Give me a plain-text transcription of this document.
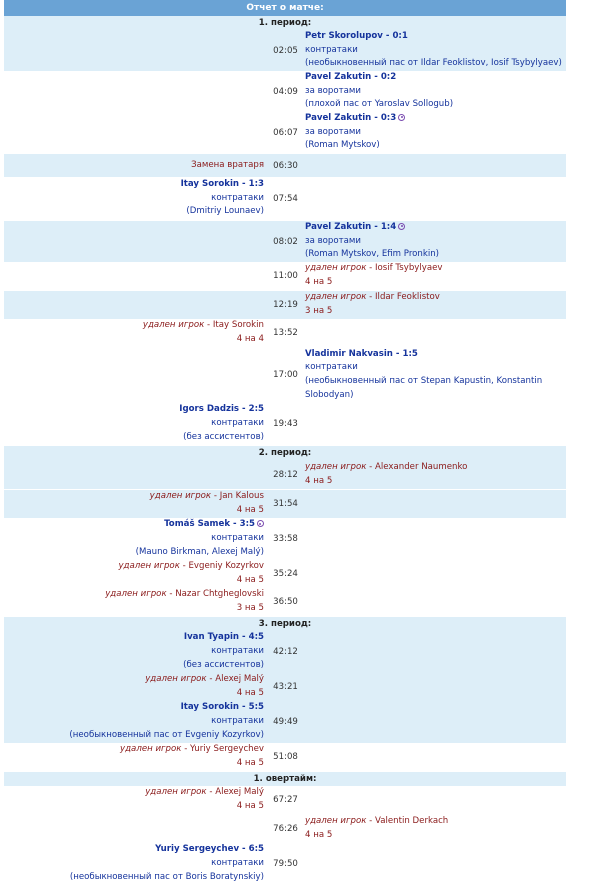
Отчет о матче:
1. период:
02:05
Petr Skorolupov - 0:1
контратаки
(необыкновенный пас от Ildar Feoklistov, Iosif Tsybylyaev)
04:09
Pavel Zakutin - 0:2
за воротами
(плохой пас от Yaroslav Sollogub)
06:07
Pavel Zakutin - 0:3
за воротами
(Roman Mytskov)
Замена вратаря	06:30
Itay Sorokin - 1:3
контратаки
(Dmitriy Lounaev)
07:54
08:02
Pavel Zakutin - 1:4
за воротами
(Roman Mytskov, Efim Pronkin)
11:00
удален игрок - Iosif Tsybylyaev
4 на 5
12:19
удален игрок - Ildar Feoklistov
3 на 5
удален игрок - Itay Sorokin
4 на 4
13:52
17:00
Vladimir Nakvasin - 1:5
контратаки
(необыкновенный пас от Stepan Kapustin, Konstantin Slobodyan)
Igors Dadzis - 2:5
контратаки
(без ассистентов)
19:43
2. период:
28:12
удален игрок - Alexander Naumenko
4 на 5
удален игрок - Jan Kalous
4 на 5
31:54
Tomáš Samek - 3:5
контратаки
(Mauno Birkman, Alexej Malý)
33:58
удален игрок - Evgeniy Kozyrkov
4 на 5
35:24
удален игрок - Nazar Chtgheglovski
3 на 5
36:50
3. период:
Ivan Tyapin - 4:5
контратаки
(без ассистентов)
42:12
удален игрок - Alexej Malý
4 на 5
43:21
Itay Sorokin - 5:5
контратаки
(необыкновенный пас от Evgeniy Kozyrkov)
49:49
удален игрок - Yuriy Sergeychev
4 на 5
51:08
1. овертайм:
удален игрок - Alexej Malý
4 на 5
67:27
76:26
удален игрок - Valentin Derkach
4 на 5
Yuriy Sergeychev - 6:5
контратаки
(необыкновенный пас от Boris Boratynskiy)
79:50
